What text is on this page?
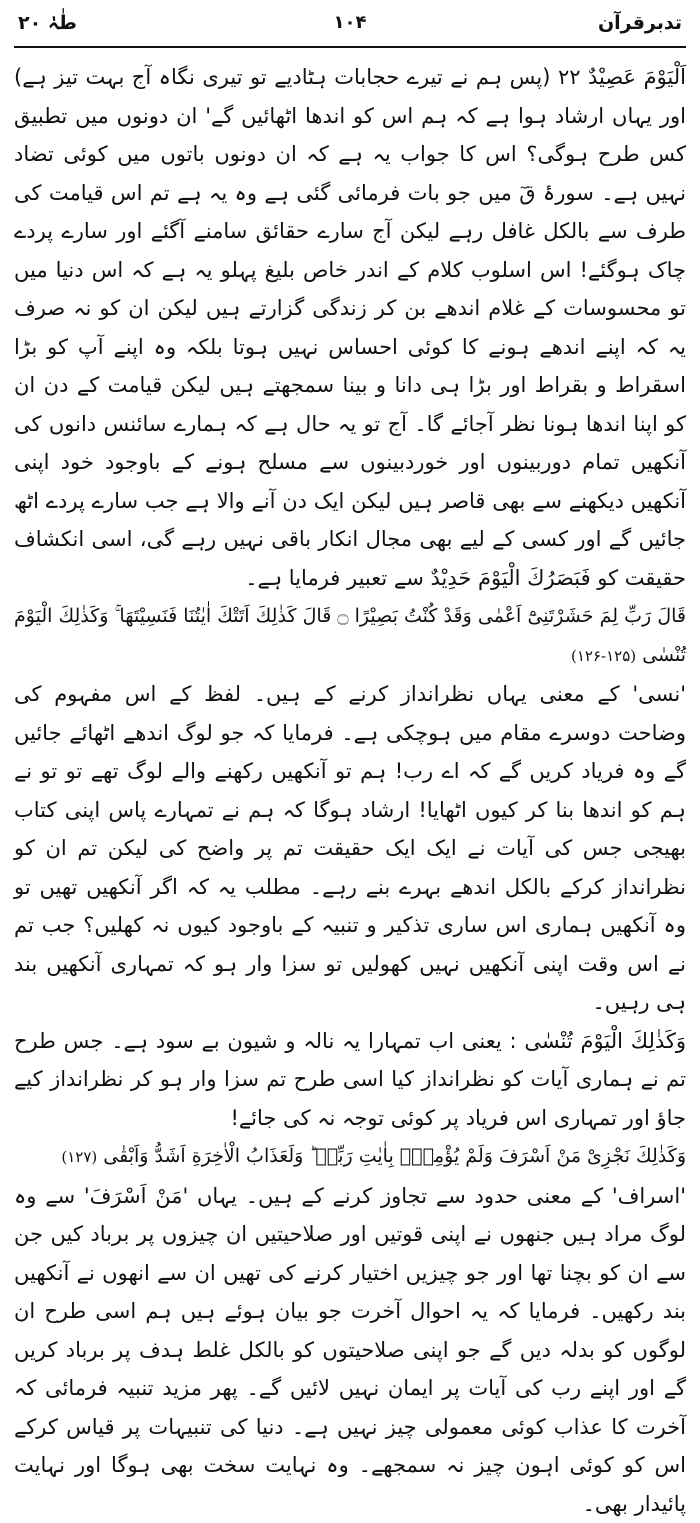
تدبرقرآن
۱۰۴
طٰہٰ ۲۰

اَلْیَوْمَ عَصِیْدٌ ۲۲ (پس ہم نے تیرے حجابات ہٹادیے تو تیری نگاہ آج بہت تیز ہے) اور یہاں ارشاد ہوا ہے کہ ہم اس کو اندھا اٹھائیں گے' ان دونوں میں تطبیق کس طرح ہوگی؟ اس کا جواب یہ ہے کہ ان دونوں باتوں میں کوئی تضاد نہیں ہے۔ سورۂ قٓ میں جو بات فرمائی گئی ہے وہ یہ ہے تم اس قیامت کی طرف سے بالکل غافل رہے لیکن آج سارے حقائق سامنے آگئے اور سارے پردے چاک ہوگئے! اس اسلوب کلام کے اندر خاص بلیغ پہلو یہ ہے کہ اس دنیا میں تو محسوسات کے غلام اندھے بن کر زندگی گزارتے ہیں لیکن ان کو نہ صرف یہ کہ اپنے اندھے ہونے کا کوئی احساس نہیں ہوتا بلکہ وہ اپنے آپ کو بڑا اسقراط و بقراط اور بڑا ہی دانا و بینا سمجھتے ہیں لیکن قیامت کے دن ان کو اپنا اندھا ہونا نظر آجائے گا۔ آج تو یہ حال ہے کہ ہمارے سائنس دانوں کی آنکھیں تمام دوربینوں اور خوردبینوں سے مسلح ہونے کے باوجود خود اپنی آنکھیں دیکھنے سے بھی قاصر ہیں لیکن ایک دن آنے والا ہے جب سارے پردے اٹھ جائیں گے اور کسی کے لیے بھی مجال انکار باقی نہیں رہے گی، اسی انکشاف حقیقت کو فَبَصَرُكَ الْیَوْمَ حَدِیْدٌ سے تعبیر فرمایا ہے۔

قَالَ رَبِّ لِمَ حَشَرْتَنِیْٓ اَعْمٰی وَقَدْ كُنْتُ بَصِیْرًا ۝ قَالَ كَذٰلِكَ اَتَتْكَ اٰیٰتُنَا فَنَسِیْتَهَا ۚ وَكَذٰلِكَ الْیَوْمَ تُنْسٰی (۱۲۵-۱۲۶)

'نسی' کے معنی یہاں نظرانداز کرنے کے ہیں۔ لفظ کے اس مفہوم کی وضاحت دوسرے مقام میں ہوچکی ہے۔ فرمایا کہ جو لوگ اندھے اٹھائے جائیں گے وہ فریاد کریں گے کہ اے رب! ہم تو آنکھیں رکھنے والے لوگ تھے تو تو نے ہم کو اندھا بنا کر کیوں اٹھایا! ارشاد ہوگا کہ ہم نے تمہارے پاس اپنی کتاب بھیجی جس کی آیات نے ایک ایک حقیقت تم پر واضح کی لیکن تم ان کو نظرانداز کرکے بالکل اندھے بہرے بنے رہے۔ مطلب یہ کہ اگر آنکھیں تھیں تو وہ آنکھیں ہماری اس ساری تذکیر و تنبیہ کے باوجود کیوں نہ کھلیں؟ جب تم نے اس وقت اپنی آنکھیں نہیں کھولیں تو سزا وار ہو کہ تمہاری آنکھیں بند ہی رہیں۔

وَكَذٰلِكَ الْیَوْمَ تُنْسٰی : یعنی اب تمہارا یہ نالہ و شیون بے سود ہے۔ جس طرح تم نے ہماری آیات کو نظرانداز کیا اسی طرح تم سزا وار ہو کر نظرانداز کیے جاؤ اور تمہاری اس فریاد پر کوئی توجہ نہ کی جائے!

وَكَذٰلِكَ نَجْزِیْ مَنْ اَسْرَفَ وَلَمْ یُؤْمِنْۢ بِاٰیٰتِ رَبِّهٖ ؕ وَلَعَذَابُ الْاٰخِرَةِ اَشَدُّ وَاَبْقٰی (۱۲۷)

'اسراف' کے معنی حدود سے تجاوز کرنے کے ہیں۔ یہاں 'مَنْ اَسْرَفَ' سے وہ لوگ مراد ہیں جنھوں نے اپنی قوتیں اور صلاحیتیں ان چیزوں پر برباد کیں جن سے ان کو بچنا تھا اور جو چیزیں اختیار کرنے کی تھیں ان سے انھوں نے آنکھیں بند رکھیں۔ فرمایا کہ یہ احوال آخرت جو بیان ہوئے ہیں ہم اسی طرح ان لوگوں کو بدلہ دیں گے جو اپنی صلاحیتوں کو بالکل غلط ہدف پر برباد کریں گے اور اپنے رب کی آیات پر ایمان نہیں لائیں گے۔ پھر مزید تنبیہ فرمائی کہ آخرت کا عذاب کوئی معمولی چیز نہیں ہے۔ دنیا کی تنبیہات پر قیاس کرکے اس کو کوئی اہون چیز نہ سمجھے۔ وہ نہایت سخت بھی ہوگا اور نہایت پائیدار بھی۔
